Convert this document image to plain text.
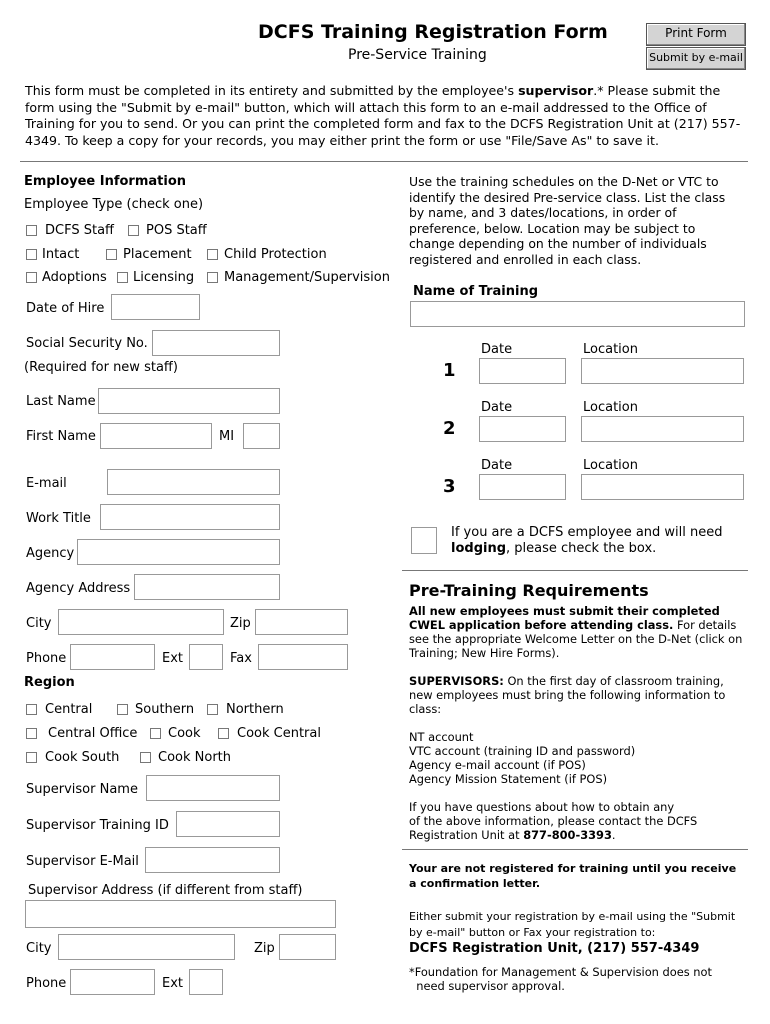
DCFS Training Registration Form
Pre-Service Training
Print Form
Submit by e-mail
This form must be completed in its entirety and submitted by the employee's supervisor.* Please submit the form using the "Submit by e-mail" button, which will attach this form to an e-mail addressed to the Office of Training for you to send. Or you can print the completed form and fax to the DCFS Registration Unit at (217) 557-4349. To keep a copy for your records, you may either print the form or use "File/Save As" to save it.
Employee Information
Employee Type (check one)
DCFS Staff POS Staff
Intact	Placement Child Protection
Adoptions Licensing Management/Supervision
Date of Hire
Social Security No.
(Required for new staff)
Last Name
First Name	MI
E-mail
Work Title
Agency
Agency Address
City	Zip
Phone	Ext	Fax
Region
Central	Southern Northern
Central Office Cook	Cook Central
Cook South	Cook North
Supervisor Name
Supervisor Training ID
Supervisor E-Mail
Supervisor Address (if different from staff)
City	Zip
Phone	Ext
Use the training schedules on the D-Net or VTC to identify the desired Pre-service class. List the class by name, and 3 dates/locations, in order of preference, below. Location may be subject to change depending on the number of individuals registered and enrolled in each class.
Name of Training
Date	Location
1
Date	Location
2
Date	Location
3
If you are a DCFS employee and will need
lodging, please check the box.
Pre-Training Requirements
All new employees must submit their completed
CWEL application before attending class. For details
see the appropriate Welcome Letter on the D-Net (click on
Training; New Hire Forms).
SUPERVISORS: On the first day of classroom training,
new employees must bring the following information to
class:
NT account
VTC account (training ID and password)
Agency e-mail account (if POS)
Agency Mission Statement (if POS)
If you have questions about how to obtain any
of the above information, please contact the DCFS
Registration Unit at 877-800-3393.
Your are not registered for training until you receive
a confirmation letter.
Either submit your registration by e-mail using the "Submit
by e-mail" button or Fax your registration to:
DCFS Registration Unit, (217) 557-4349
*Foundation for Management & Supervision does not
need supervisor approval.
